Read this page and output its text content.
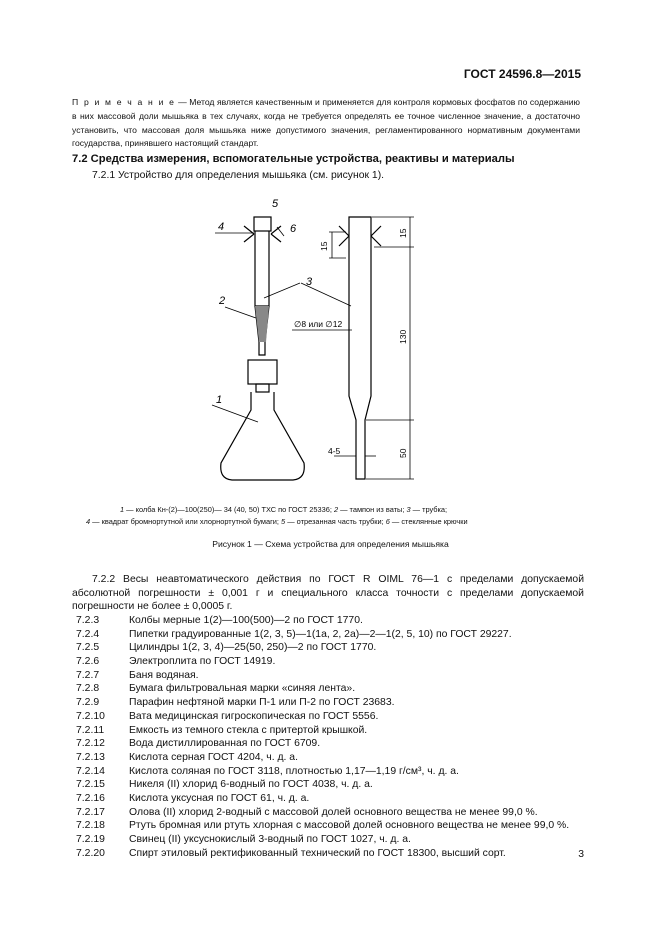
ГОСТ 24596.8—2015
П р и м е ч а н и е — Метод является качественным и применяется для контроля кормовых фосфатов по содержанию в них массовой доли мышьяка в тех случаях, когда не требуется определять ее точное численное значение, а достаточно установить, что массовая доля мышьяка ниже допустимого значения, регламентированного нормативным документами государства, принявшего настоящий стандарт.
7.2 Средства измерения, вспомогательные устройства, реактивы и материалы
7.2.1 Устройство для определения мышьяка (см. рисунок 1).
5
4	6
2
3
1
∅8 или ∅12
4-5
15
15
130
50
1 — колба Кн-(2)—100(250)— 34 (40, 50) ТХС по ГОСТ 25336; 2 — тампон из ваты; 3 — трубка;
4 — квадрат бромнортутной или хлорнортутной бумаги; 5 — отрезанная часть трубки; 6 — стеклянные крючки
Рисунок 1 — Схема устройства для определения мышьяка
7.2.2 Весы неавтоматического действия по ГОСТ R OIML 76—1 с пределами допускаемой абсолютной погрешности ± 0,001 г и специального класса точности с пределами допускаемой погрешности не более ± 0,0005 г.
7.2.3	Колбы мерные 1(2)—100(500)—2 по ГОСТ 1770.
7.2.4	Пипетки градуированные 1(2, 3, 5)—1(1а, 2, 2а)—2—1(2, 5, 10) по ГОСТ 29227.
7.2.5	Цилиндры 1(2, 3, 4)—25(50, 250)—2 по ГОСТ 1770.
7.2.6	Электроплита по ГОСТ 14919.
7.2.7	Баня водяная.
7.2.8	Бумага фильтровальная марки «синяя лента».
7.2.9	Парафин нефтяной марки П-1 или П-2 по ГОСТ 23683.
7.2.10 Вата медицинская гигроскопическая по ГОСТ 5556.
7.2.11 Емкость из темного стекла с притертой крышкой.
7.2.12 Вода дистиллированная по ГОСТ 6709.
7.2.13 Кислота серная ГОСТ 4204, ч. д. а.
7.2.14 Кислота соляная по ГОСТ 3118, плотностью 1,17—1,19 г/см³, ч. д. а.
7.2.15 Никеля (II) хлорид 6-водный по ГОСТ 4038, ч. д. а.
7.2.16 Кислота уксусная по ГОСТ 61, ч. д. а.
7.2.17 Олова (II) хлорид 2-водный с массовой долей основного вещества не менее 99,0 %.
7.2.18 Ртуть бромная или ртуть хлорная с массовой долей основного вещества не менее 99,0 %.
7.2.19 Свинец (II) уксуснокислый 3-водный по ГОСТ 1027, ч. д. а.
7.2.20 Спирт этиловый ректификованный технический по ГОСТ 18300, высший сорт.	3
